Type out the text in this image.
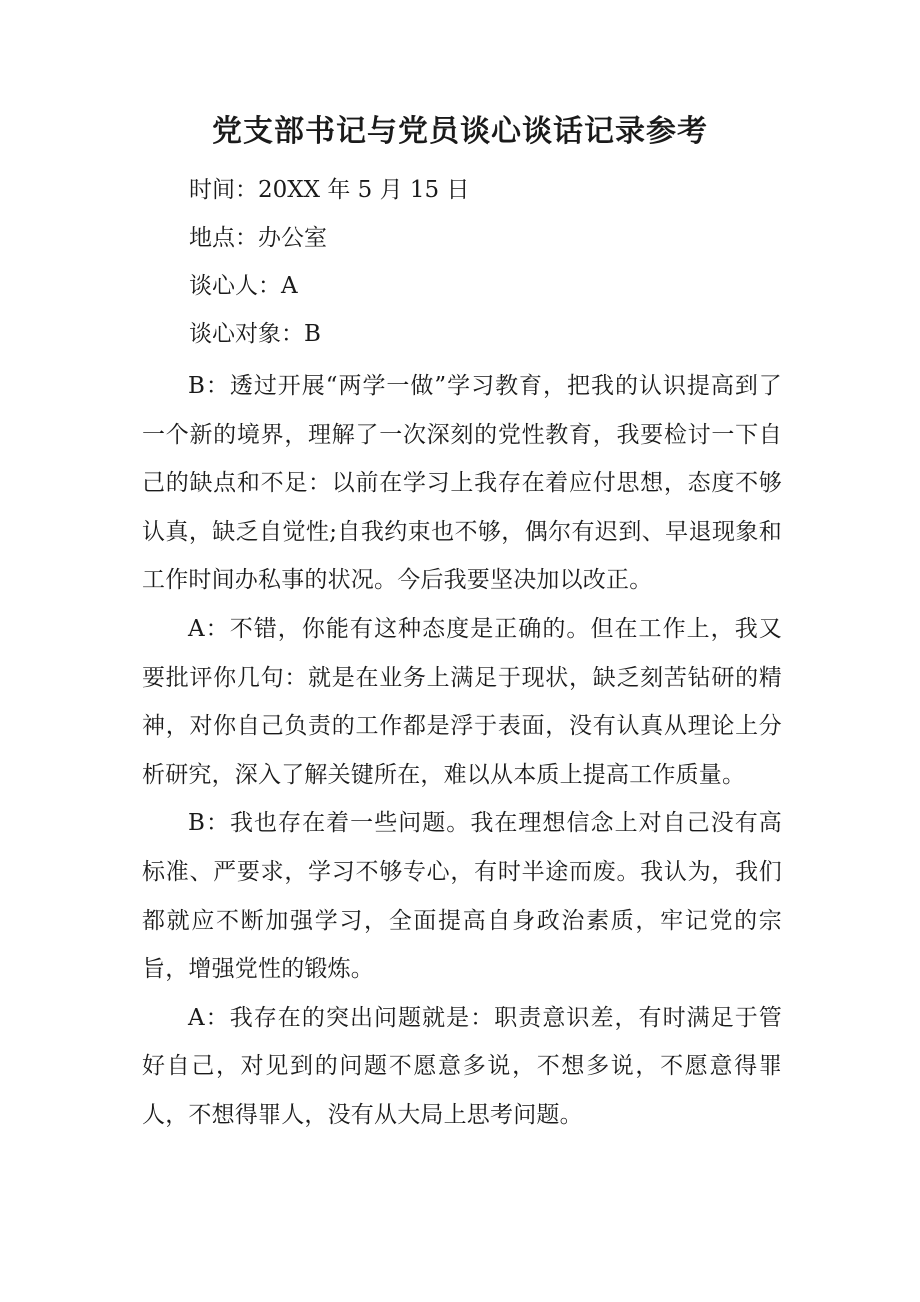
党支部书记与党员谈心谈话记录参考

时间：20XX 年 5 月 15 日

地点：办公室

谈心人：A

谈心对象：B

B：透过开展“两学一做”学习教育，把我的认识提高到了一个新的境界，理解了一次深刻的党性教育，我要检讨一下自己的缺点和不足：以前在学习上我存在着应付思想，态度不够认真，缺乏自觉性;自我约束也不够，偶尔有迟到、早退现象和工作时间办私事的状况。今后我要坚决加以改正。

A：不错，你能有这种态度是正确的。但在工作上，我又要批评你几句：就是在业务上满足于现状，缺乏刻苦钻研的精神，对你自己负责的工作都是浮于表面，没有认真从理论上分析研究，深入了解关键所在，难以从本质上提高工作质量。

B：我也存在着一些问题。我在理想信念上对自己没有高标准、严要求，学习不够专心，有时半途而废。我认为，我们都就应不断加强学习，全面提高自身政治素质，牢记党的宗旨，增强党性的锻炼。

A：我存在的突出问题就是：职责意识差，有时满足于管好自己，对见到的问题不愿意多说，不想多说，不愿意得罪人，不想得罪人，没有从大局上思考问题。
